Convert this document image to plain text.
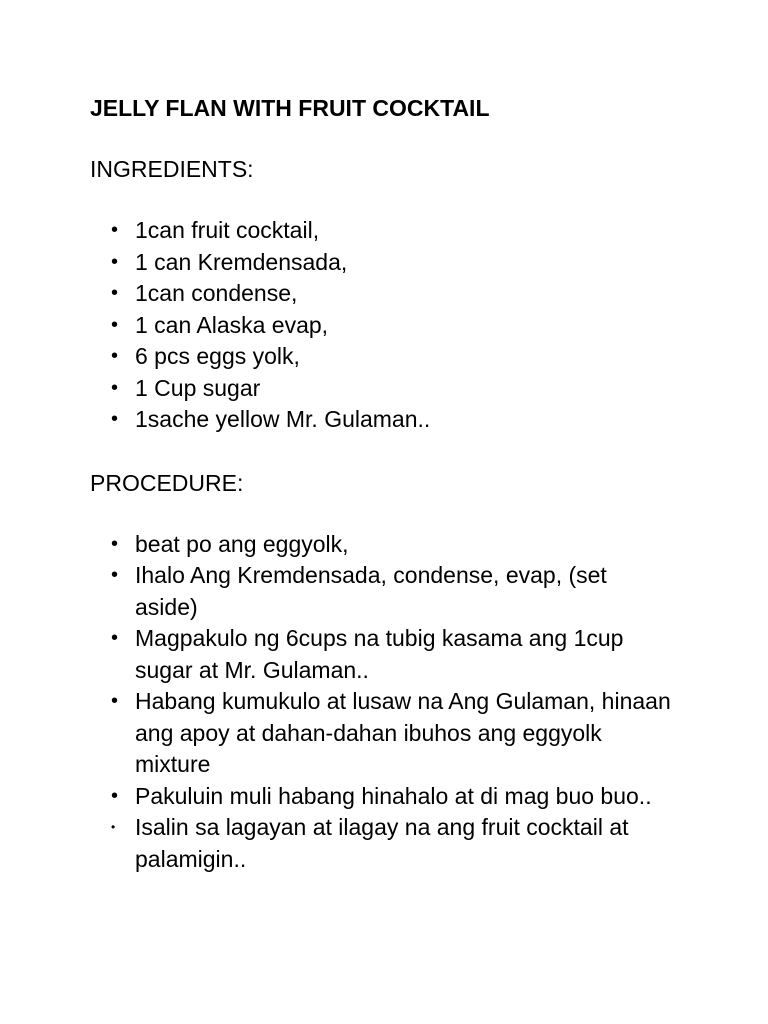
JELLY FLAN WITH FRUIT COCKTAIL
INGREDIENTS:
• 1can fruit cocktail,
• 1 can Kremdensada,
• 1can condense,
• 1 can Alaska evap,
• 6 pcs eggs yolk,
• 1 Cup sugar
• 1sache yellow Mr. Gulaman..
PROCEDURE:
• beat po ang eggyolk,
• Ihalo Ang Kremdensada, condense, evap, (set aside)
• Magpakulo ng 6cups na tubig kasama ang 1cup sugar at Mr. Gulaman..
• Habang kumukulo at lusaw na Ang Gulaman, hinaan ang apoy at dahan-dahan ibuhos ang eggyolk mixture
• Pakuluin muli habang hinahalo at di mag buo buo..
• Isalin sa lagayan at ilagay na ang fruit cocktail at palamigin..
